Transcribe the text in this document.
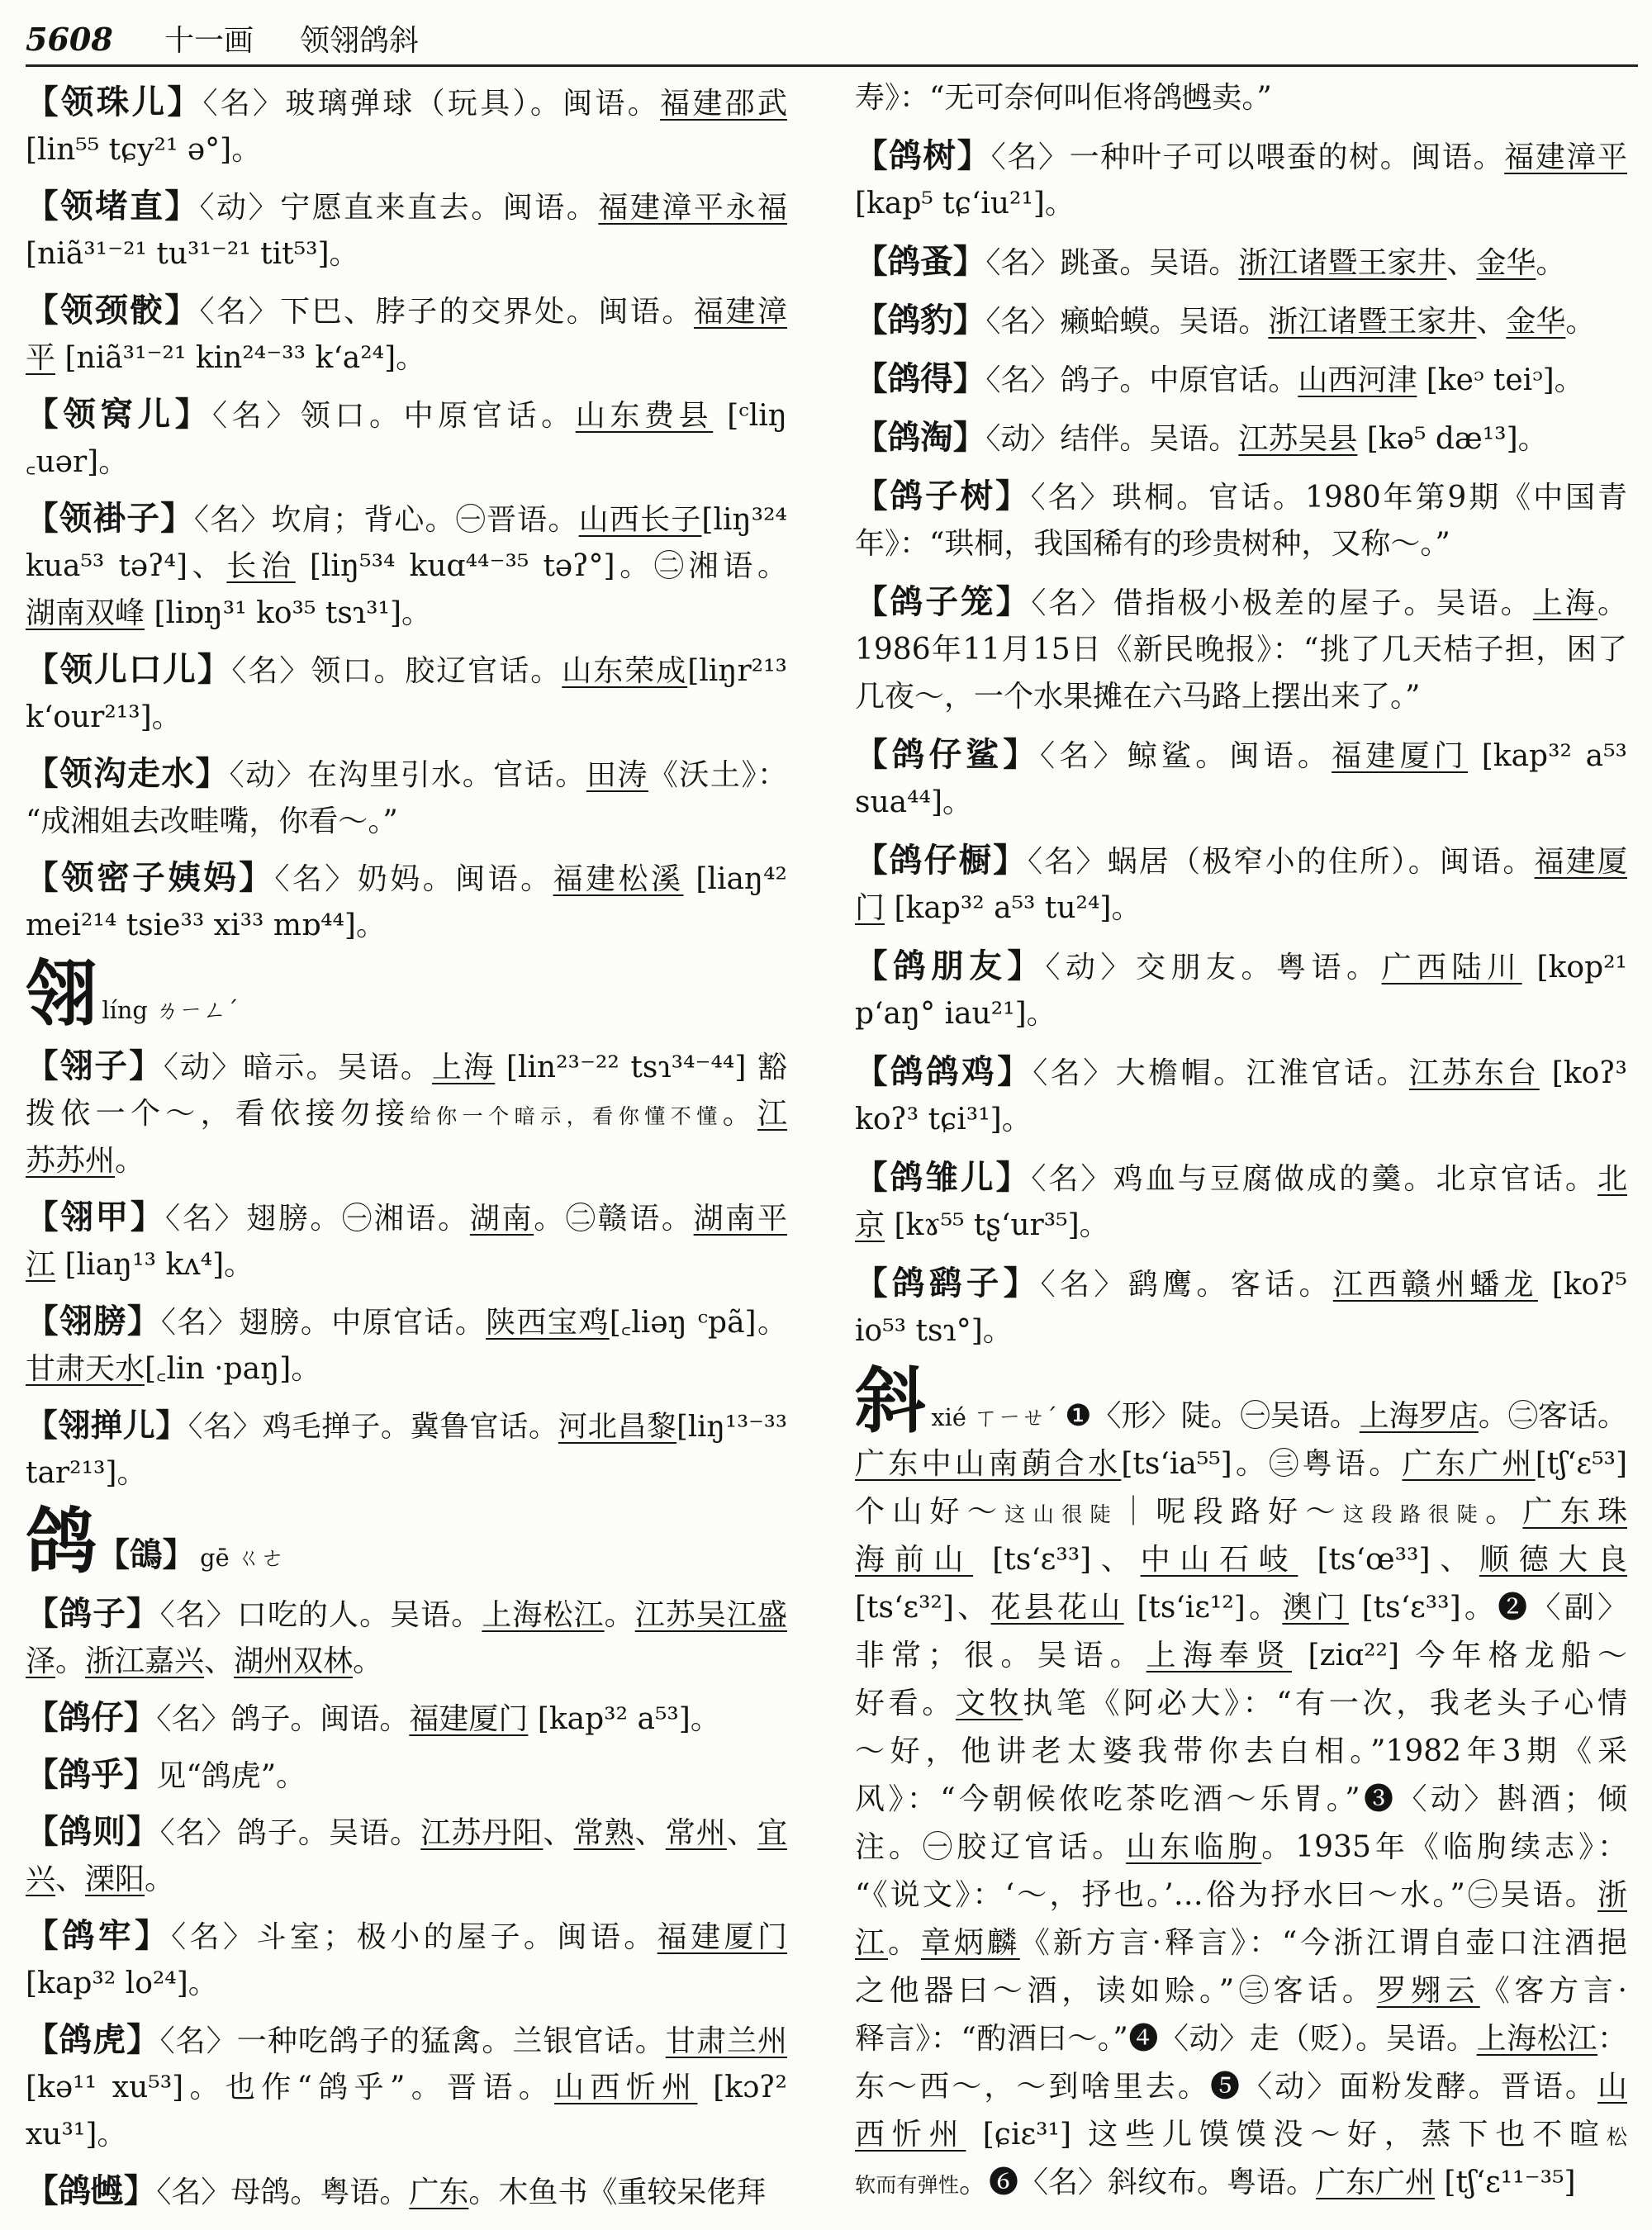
5608	十一画	领翎鸽斜
【领珠儿】〈名〉玻璃弹球（玩具）。闽语。福建邵武
[lin⁵⁵ tɕy²¹ ə°]。
【领堵直】〈动〉宁愿直来直去。闽语。福建漳平永福
[niã³¹⁻²¹ tu³¹⁻²¹ tit⁵³]。
【领颈骹】〈名〉下巴、脖子的交界处。闽语。福建漳
平 [niã³¹⁻²¹ kin²⁴⁻³³ kʻa²⁴]。
【领窝儿】〈名〉领口。中原官话。山东费县 [ᶜliŋ
꜀uər]。
【领褂子】〈名〉坎肩；背心。㊀晋语。山西长子[liŋ³²⁴
kua⁵³ təʔ⁴]、长治 [liŋ⁵³⁴ kuɑ⁴⁴⁻³⁵ təʔ°]。㊁湘语。
湖南双峰 [liɒŋ³¹ ko³⁵ tsɿ³¹]。
【领儿口儿】〈名〉领口。胶辽官话。山东荣成[liŋr²¹³
kʻour²¹³]。
【领沟走水】〈动〉在沟里引水。官话。田涛《沃土》：
“成湘姐去改畦嘴，你看～。”
【领密子姨妈】〈名〉奶妈。闽语。福建松溪 [liaŋ⁴²
mei²¹⁴ tsie³³ xi³³ mɒ⁴⁴]。
翎líng ㄌㄧㄥˊ
【翎子】〈动〉暗示。吴语。上海 [lin²³⁻²² tsɿ³⁴⁻⁴⁴] 豁
拨依一个～，看依接勿接给你一个暗示，看你懂不懂。江
苏苏州。
【翎甲】〈名〉翅膀。㊀湘语。湖南。㊁赣语。湖南平
江 [liaŋ¹³ kʌ⁴]。
【翎膀】〈名〉翅膀。中原官话。陕西宝鸡[꜀liəŋ ᶜpã]。
甘肃天水[꜀lin ·paŋ]。
【翎掸儿】〈名〉鸡毛掸子。冀鲁官话。河北昌黎[liŋ¹³⁻³³
tar²¹³]。
鸽【鴿】 gē ㄍㄜ
【鸽子】〈名〉口吃的人。吴语。上海松江。江苏吴江盛
泽。浙江嘉兴、湖州双林。
【鸽仔】〈名〉鸽子。闽语。福建厦门 [kap³² a⁵³]。
【鸽乎】见“鸽虎”。
【鸽则】〈名〉鸽子。吴语。江苏丹阳、常熟、常州、宜
兴、溧阳。
【鸽牢】〈名〉斗室；极小的屋子。闽语。福建厦门
[kap³² lo²⁴]。
【鸽虎】〈名〉一种吃鸽子的猛禽。兰银官话。甘肃兰州
[kə¹¹ xu⁵³]。也作“鸽乎”。晋语。山西忻州 [kɔʔ²
xu³¹]。
【鸽乸】〈名〉母鸽。粤语。广东。木鱼书《重较呆佬拜
寿》：“无可奈何叫佢将鸽乸卖。”
【鸽树】〈名〉一种叶子可以喂蚕的树。闽语。福建漳平
[kap⁵ tɕʻiu²¹]。
【鸽蚤】〈名〉跳蚤。吴语。浙江诸暨王家井、金华。
【鸽豹】〈名〉癞蛤蟆。吴语。浙江诸暨王家井、金华。
【鸽得】〈名〉鸽子。中原官话。山西河津 [keᵓ teiᵓ]。
【鸽淘】〈动〉结伴。吴语。江苏吴县 [kə⁵ dæ¹³]。
【鸽子树】〈名〉珙桐。官话。1980年第9期《中国青
年》：“珙桐，我国稀有的珍贵树种，又称～。”
【鸽子笼】〈名〉借指极小极差的屋子。吴语。上海。
1986年11月15日《新民晚报》：“挑了几天桔子担，困了
几夜～，一个水果摊在六马路上摆出来了。”
【鸽仔鲨】〈名〉鲸鲨。闽语。福建厦门 [kap³² a⁵³
sua⁴⁴]。
【鸽仔橱】〈名〉蜗居（极窄小的住所）。闽语。福建厦
门 [kap³² a⁵³ tu²⁴]。
【鸽朋友】〈动〉交朋友。粤语。广西陆川 [kop²¹
pʻaŋ° iau²¹]。
【鸽鸽鸡】〈名〉大檐帽。江淮官话。江苏东台 [koʔ³
koʔ³ tɕi³¹]。
【鸽雏儿】〈名〉鸡血与豆腐做成的羹。北京官话。北
京 [kɤ⁵⁵ tʂʻur³⁵]。
【鸽鹞子】〈名〉鹞鹰。客话。江西赣州蟠龙 [koʔ⁵
io⁵³ tsɿ°]。
斜xié ㄒㄧㄝˊ ❶〈形〉陡。㊀吴语。上海罗店。㊁客话。
广东中山南蓢合水[tsʻia⁵⁵]。㊂粤语。广东广州[tʃʻɛ⁵³]
个山好～这山很陡｜呢段路好～这段路很陡。广东珠
海前山 [tsʻɛ³³]、中山石岐 [tsʻœ³³]、顺德大良
[tsʻɛ³²]、花县花山 [tsʻiɛ¹²]。澳门 [tsʻɛ³³]。❷〈副〉
非常；很。吴语。上海奉贤 [ziɑ²²] 今年格龙船～
好看。文牧执笔《阿必大》：“有一次，我老头子心情
～好，他讲老太婆我带你去白相。”1982年3期《采
风》：“今朝候侬吃茶吃酒～乐胃。”❸〈动〉斟酒；倾
注。㊀胶辽官话。山东临朐。1935年《临朐续志》：
“《说文》：‘～，抒也。’…俗为抒水曰～水。”㊁吴语。浙
江。章炳麟《新方言·释言》：“今浙江谓自壶口注酒挹
之他器曰～酒，读如赊。”㊂客话。罗翙云《客方言·
释言》：“酌酒曰～。”❹〈动〉走（贬）。吴语。上海松江：
东～西～，～到啥里去。❺〈动〉面粉发酵。晋语。山
西忻州 [ɕiɛ³¹] 这些儿馍馍没～好，蒸下也不暄松
软而有弹性。❻〈名〉斜纹布。粤语。广东广州 [tʃʻɛ¹¹⁻³⁵]
